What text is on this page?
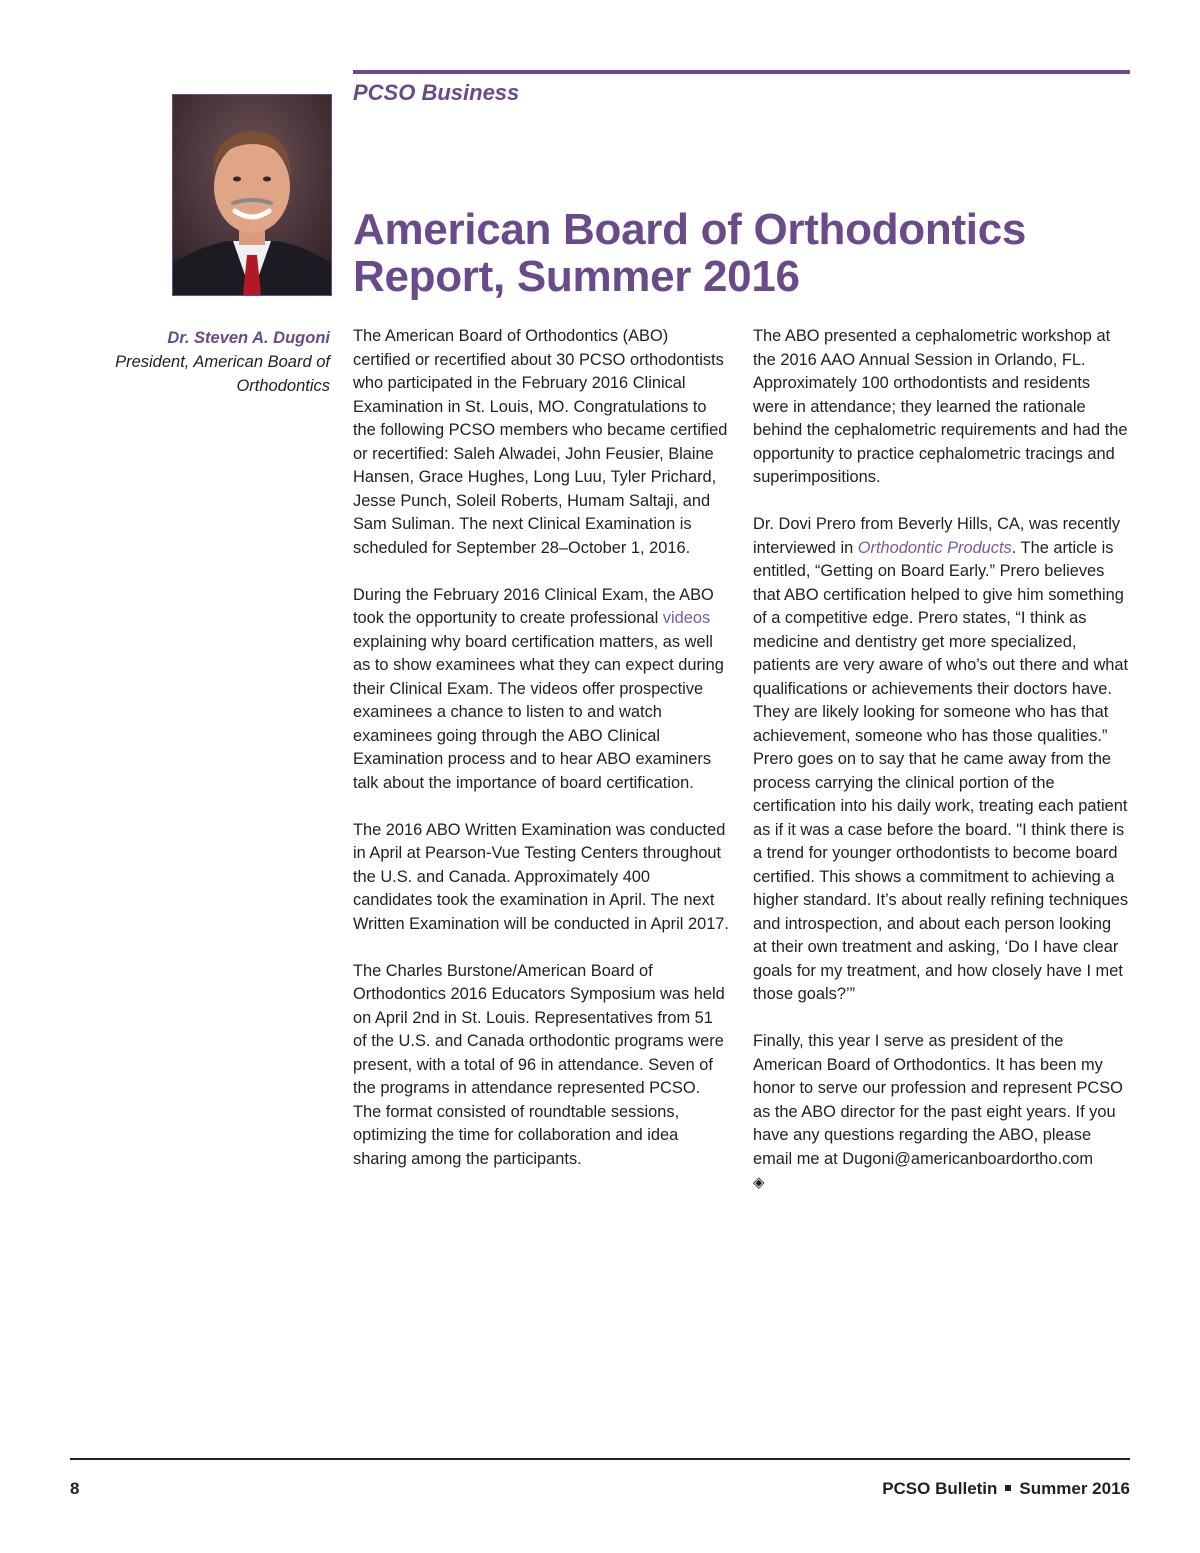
PCSO Business
American Board of Orthodontics
Report, Summer 2016
Dr. Steven A. Dugoni
President, American Board of
Orthodontics

The American Board of Orthodontics (ABO) certified or recertified about 30 PCSO orthodontists who participated in the February 2016 Clinical Examination in St. Louis, MO. Congratulations to the following PCSO members who became certified or recertified: Saleh Alwadei, John Feusier, Blaine Hansen, Grace Hughes, Long Luu, Tyler Prichard, Jesse Punch, Soleil Roberts, Humam Saltaji, and Sam Suliman. The next Clinical Examination is scheduled for September 28–October 1, 2016.

During the February 2016 Clinical Exam, the ABO took the opportunity to create professional videos explaining why board certification matters, as well as to show examinees what they can expect during their Clinical Exam. The videos offer prospective examinees a chance to listen to and watch examinees going through the ABO Clinical Examination process and to hear ABO examiners talk about the importance of board certification.

The 2016 ABO Written Examination was conducted in April at Pearson-Vue Testing Centers throughout the U.S. and Canada. Approximately 400 candidates took the examination in April. The next Written Examination will be conducted in April 2017.

The Charles Burstone/American Board of Orthodontics 2016 Educators Symposium was held on April 2nd in St. Louis. Representatives from 51 of the U.S. and Canada orthodontic programs were present, with a total of 96 in attendance. Seven of the programs in attendance represented PCSO. The format consisted of roundtable sessions, optimizing the time for collaboration and idea sharing among the participants.

The ABO presented a cephalometric workshop at the 2016 AAO Annual Session in Orlando, FL. Approximately 100 orthodontists and residents were in attendance; they learned the rationale behind the cephalometric requirements and had the opportunity to practice cephalometric tracings and superimpositions.

Dr. Dovi Prero from Beverly Hills, CA, was recently interviewed in Orthodontic Products. The article is entitled, “Getting on Board Early.” Prero believes that ABO certification helped to give him something of a competitive edge. Prero states, “I think as medicine and dentistry get more specialized, patients are very aware of who’s out there and what qualifications or achievements their doctors have. They are likely looking for someone who has that achievement, someone who has those qualities.” Prero goes on to say that he came away from the process carrying the clinical portion of the certification into his daily work, treating each patient as if it was a case before the board. "I think there is a trend for younger orthodontists to become board certified. This shows a commitment to achieving a higher standard. It’s about really refining techniques and introspection, and about each person looking at their own treatment and asking, ‘Do I have clear goals for my treatment, and how closely have I met those goals?’”

Finally, this year I serve as president of the American Board of Orthodontics. It has been my honor to serve our profession and represent PCSO as the ABO director for the past eight years. If you have any questions regarding the ABO, please email me at Dugoni@americanboardortho.com
◈

8	PCSO Bulletin Summer 2016
